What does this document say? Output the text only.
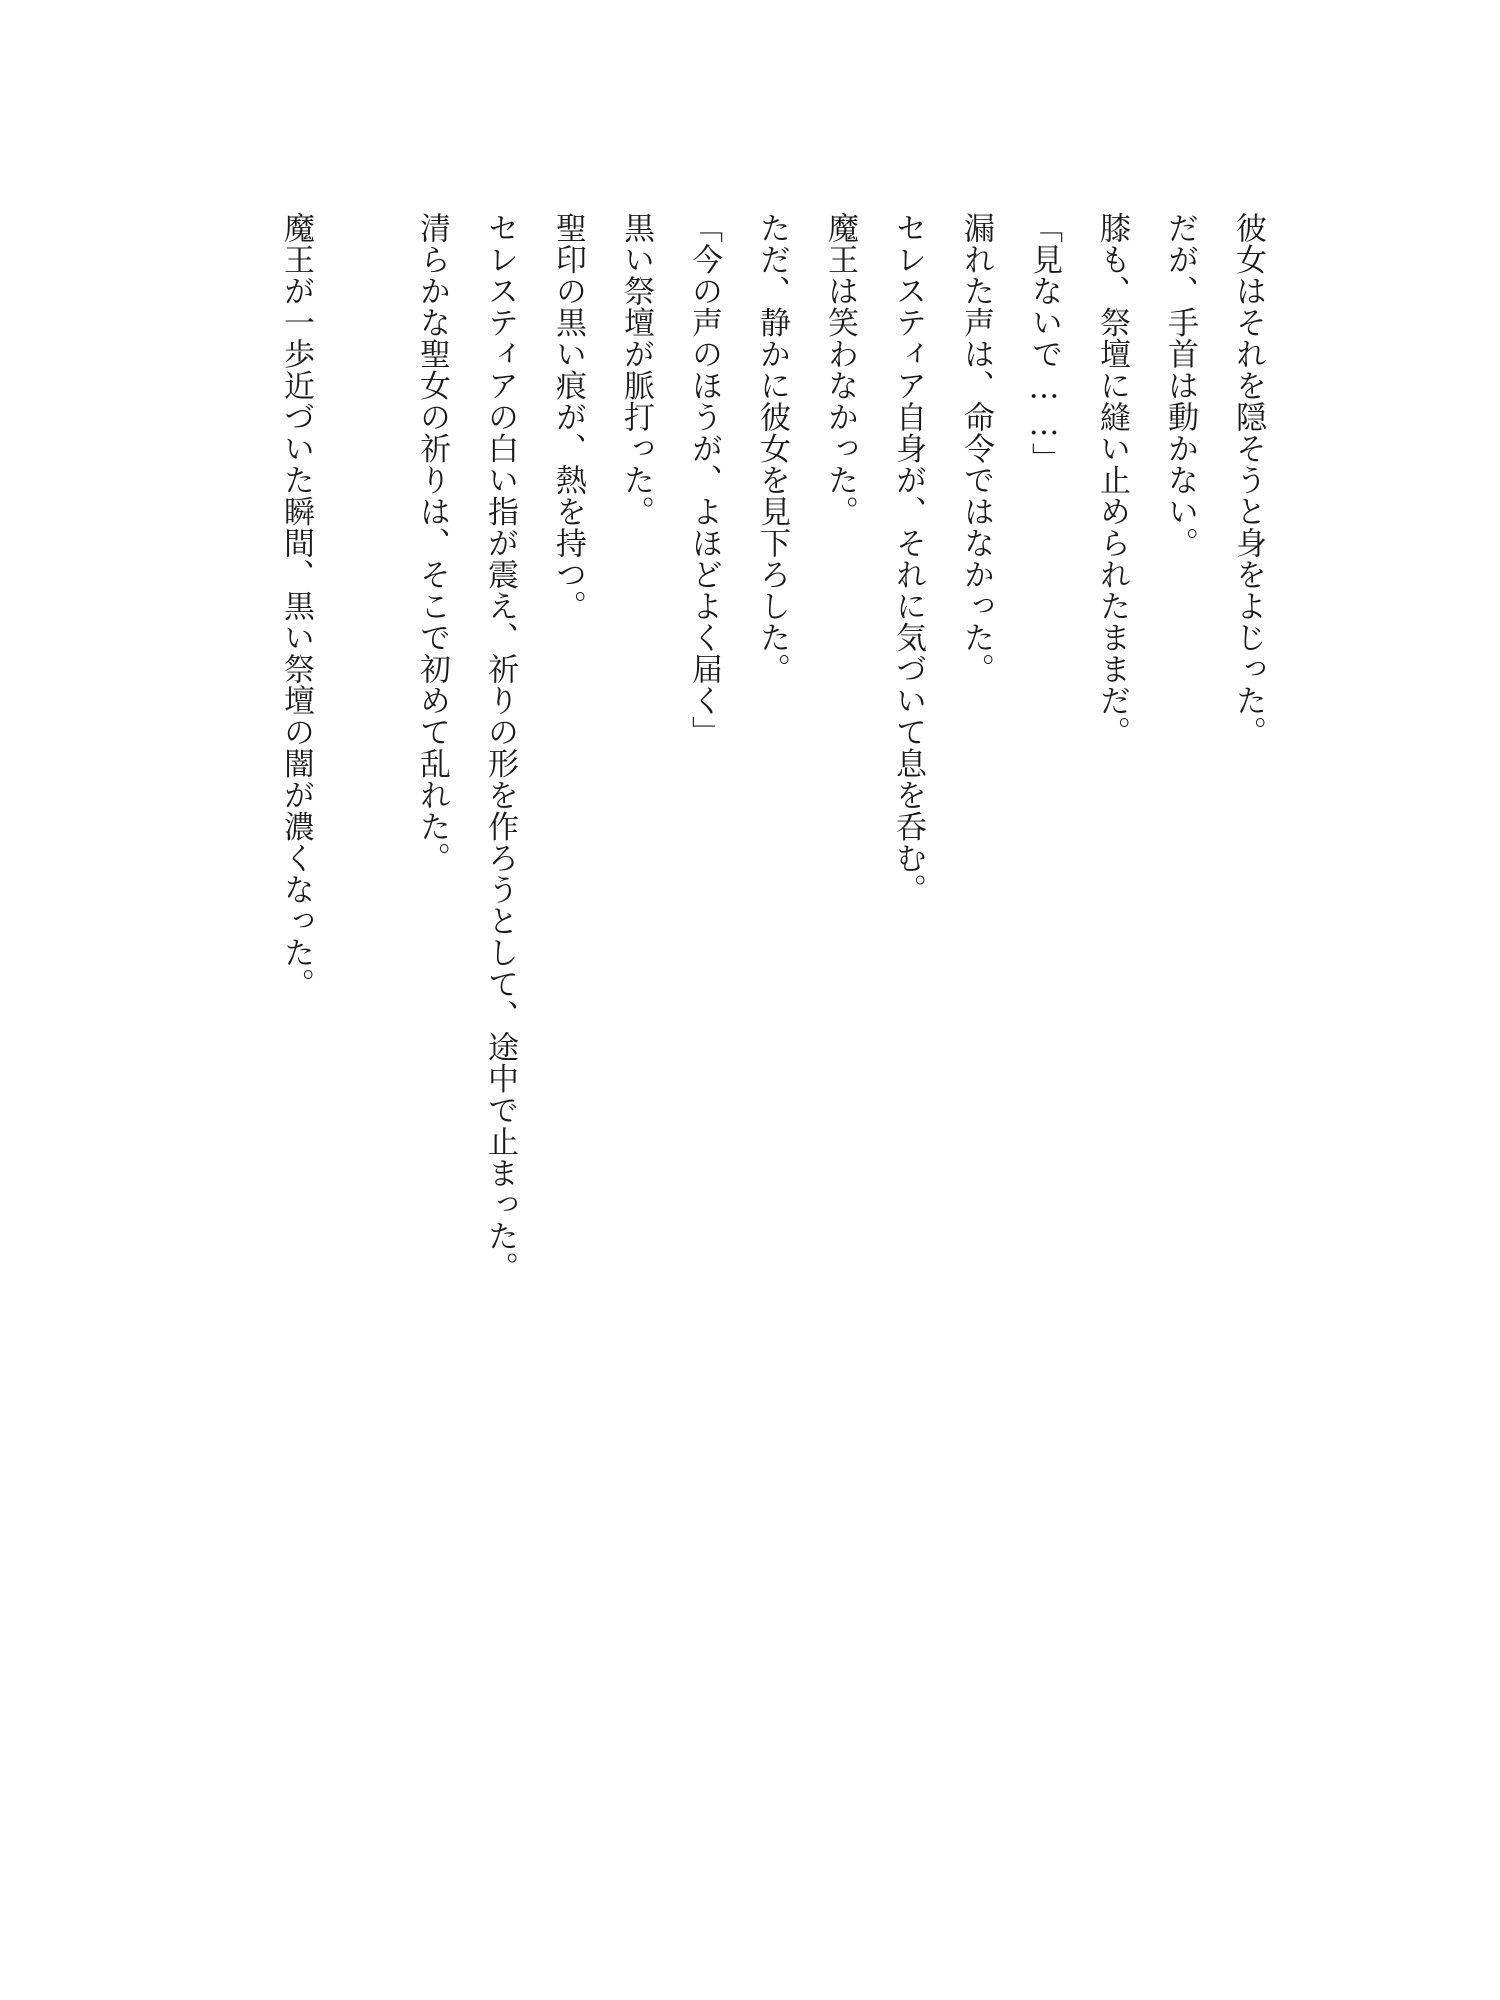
彼女はそれを隠そうと身をよじった。

だが、手首は動かない。

膝も、祭壇に縫い止められたままだ。

「見ないで……」

漏れた声は、命令ではなかった。

セレスティア自身が、それに気づいて息を呑む。

魔王は笑わなかった。

ただ、静かに彼女を見下ろした。

「今の声のほうが、よほどよく届く」

黒い祭壇が脈打った。

聖印の黒い痕が、熱を持つ。

セレスティアの白い指が震え、祈りの形を作ろうとして、途中で止まった。

清らかな聖女の祈りは、そこで初めて乱れた。

魔王が一歩近づいた瞬間、黒い祭壇の闇が濃くなった。
